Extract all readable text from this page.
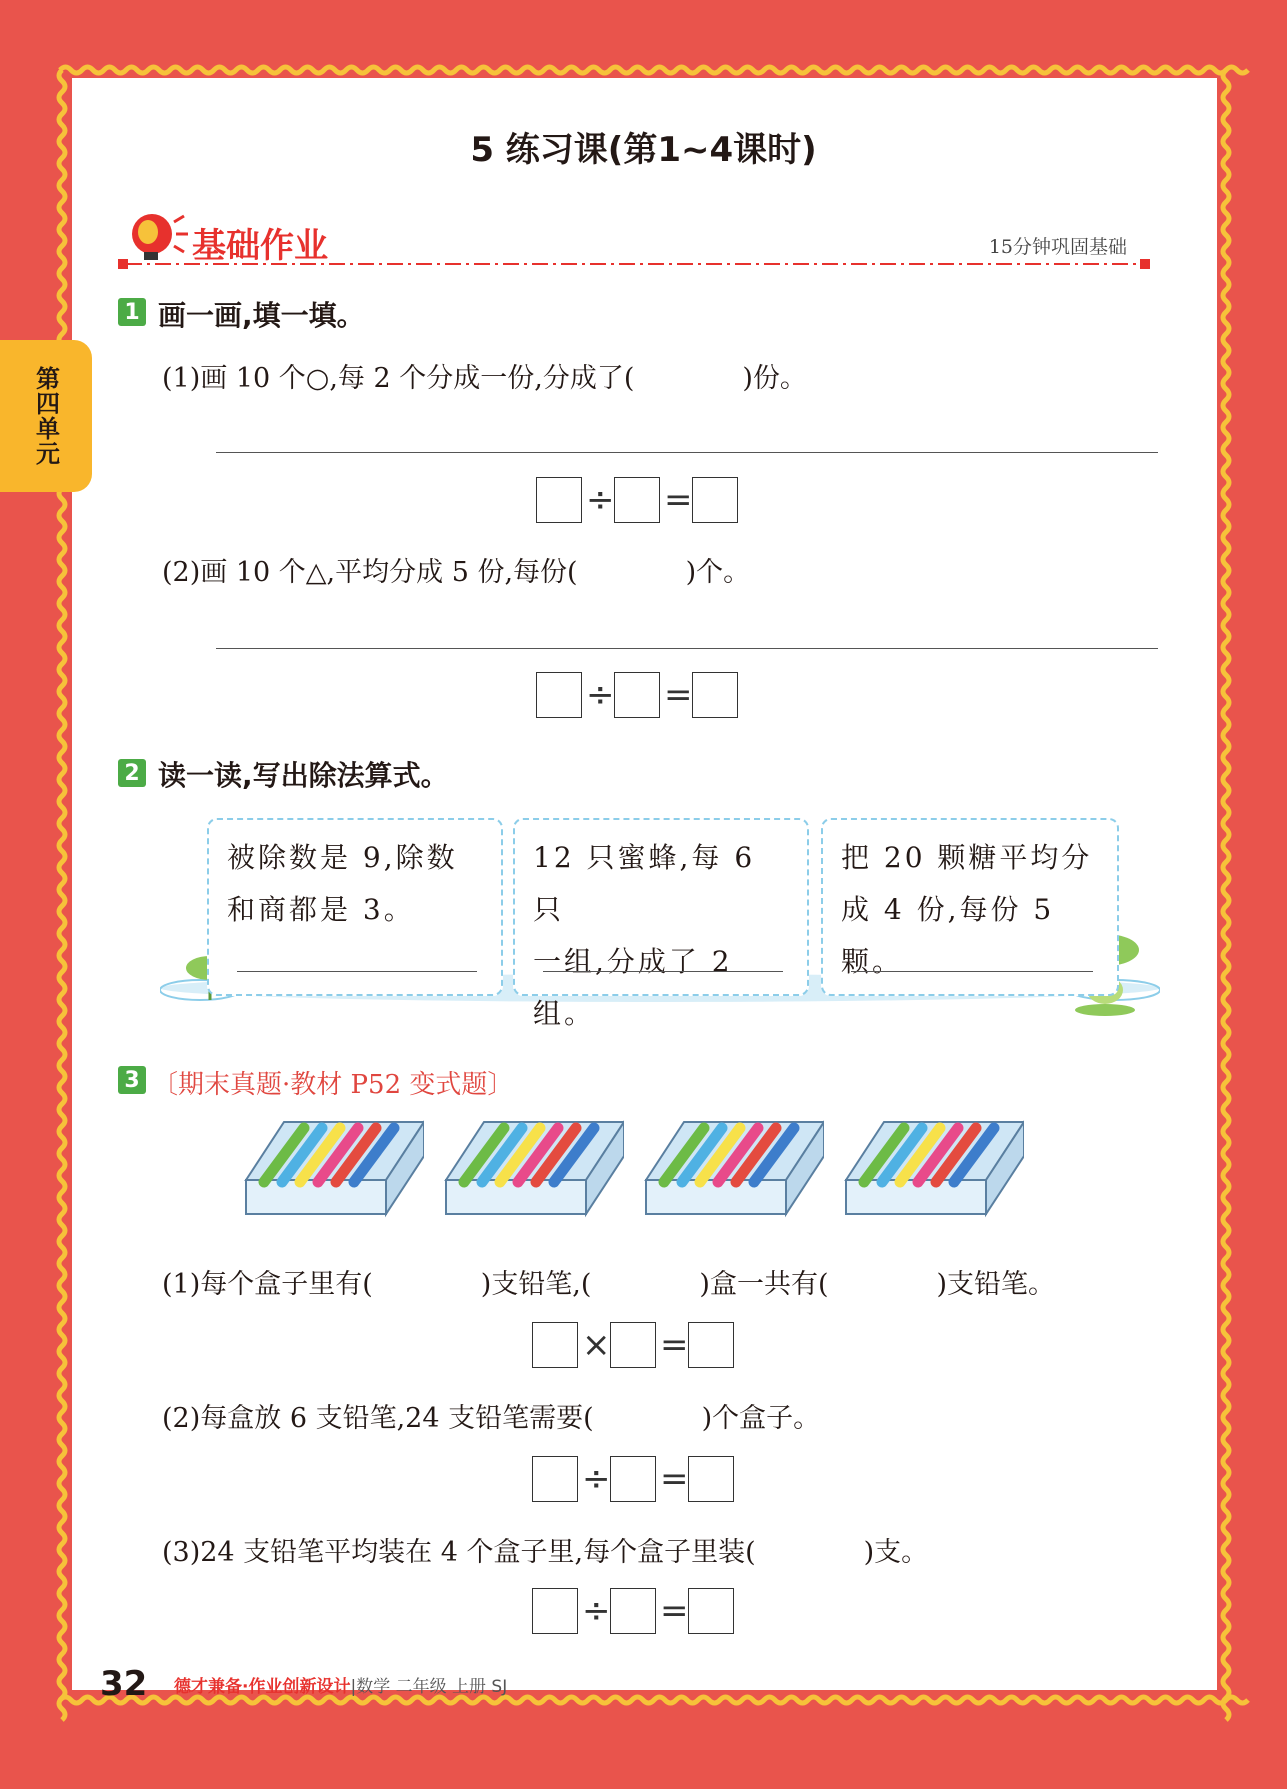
第四单元
5 练习课(第1~4课时)
基础作业	15分钟巩固基础
1 画一画,填一填。
(1)画 10 个○,每 2 个分成一份,分成了(　　　　)份。
÷ =
(2)画 10 个△,平均分成 5 份,每份(　　　　)个。
÷ =
2 读一读,写出除法算式。
被除数是 9,除数
和商都是 3。
12 只蜜蜂,每 6 只
一组,分成了 2 组。
把 20 颗糖平均分
成 4 份,每份 5 颗。
3 〔期末真题·教材 P52 变式题〕
(1)每个盒子里有(　　　　)支铅笔,(　　　　)盒一共有(　　　　)支铅笔。
× =
(2)每盒放 6 支铅笔,24 支铅笔需要(　　　　)个盒子。
÷ =
(3)24 支铅笔平均装在 4 个盒子里,每个盒子里装(　　　　)支。
÷ =
32 德才兼备·作业创新设计|数学 二年级 上册 SJ
